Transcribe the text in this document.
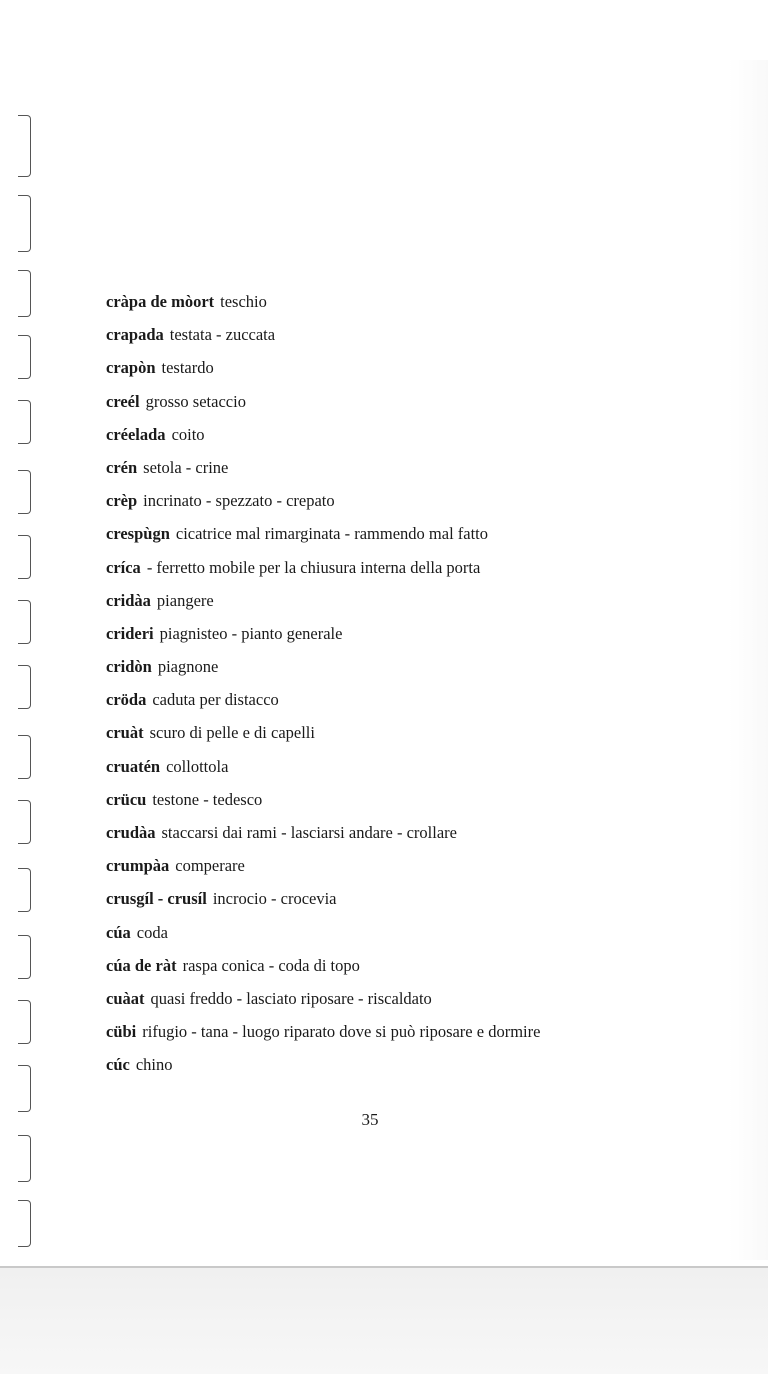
cràpa de mòort teschio
crapada testata - zuccata
crapòn testardo
creél grosso setaccio
créelada coito
crén setola - crine
crèp incrinato - spezzato - crepato
crespùgn cicatrice mal rimarginata - rammendo mal fatto
críca - ferretto mobile per la chiusura interna della porta
cridàa piangere
crideri piagnisteo - pianto generale
cridòn piagnone
cröda caduta per distacco
cruàt scuro di pelle e di capelli
cruatén collottola
crücu testone - tedesco
crudàa staccarsi dai rami - lasciarsi andare - crollare
crumpàa comperare
crusgíl - crusíl incrocio - crocevia
cúa coda
cúa de ràt raspa conica - coda di topo
cuàat quasi freddo - lasciato riposare - riscaldato
cübi rifugio - tana - luogo riparato dove si può riposare e dormire
cúc chino
35
